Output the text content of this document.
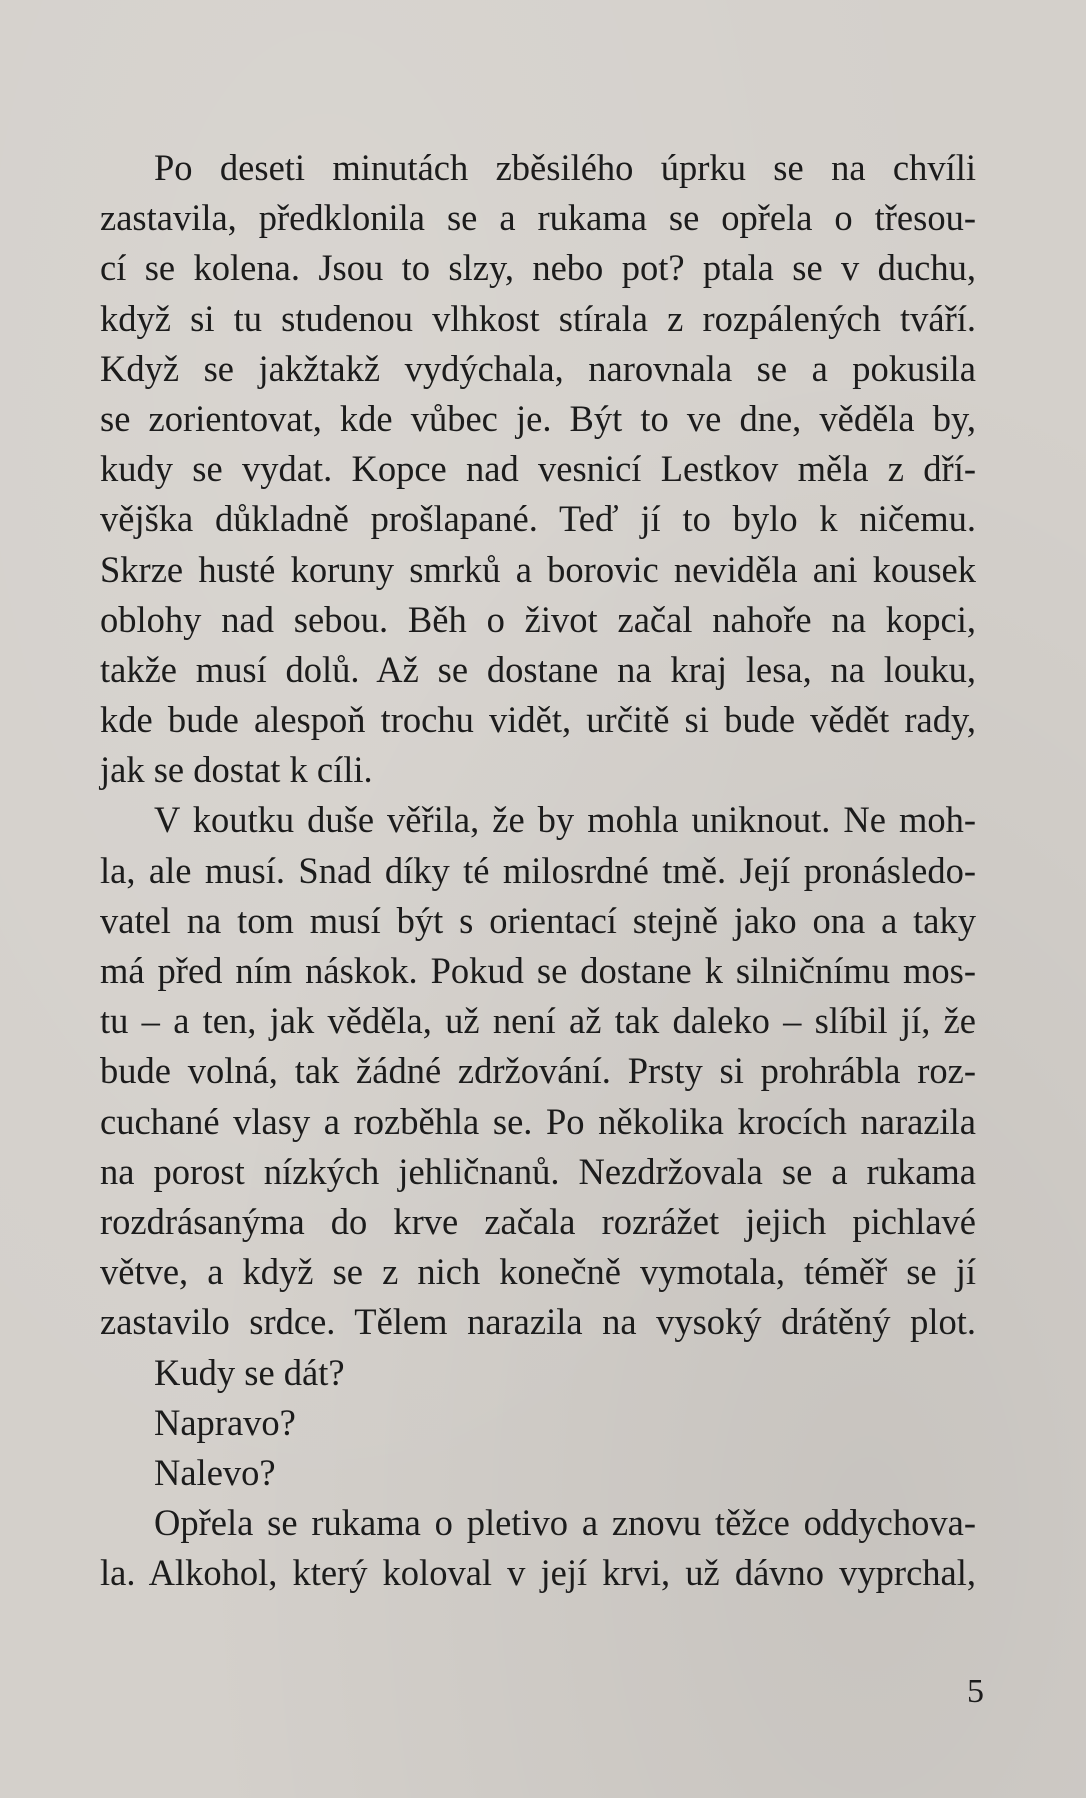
Po deseti minutách zběsilého úprku se na chvíli
zastavila, předklonila se a rukama se opřela o třesou-
cí se kolena. Jsou to slzy, nebo pot? ptala se v duchu,
když si tu studenou vlhkost stírala z rozpálených tváří.
Když se jakžtakž vydýchala, narovnala se a pokusila
se zorientovat, kde vůbec je. Být to ve dne, věděla by,
kudy se vydat. Kopce nad vesnicí Lestkov měla z dří-
vějška důkladně prošlapané. Teď jí to bylo k ničemu.
Skrze husté koruny smrků a borovic neviděla ani kousek
oblohy nad sebou. Běh o život začal nahoře na kopci,
takže musí dolů. Až se dostane na kraj lesa, na louku,
kde bude alespoň trochu vidět, určitě si bude vědět rady,
jak se dostat k cíli.
V koutku duše věřila, že by mohla uniknout. Ne moh-
la, ale musí. Snad díky té milosrdné tmě. Její pronásledo-
vatel na tom musí být s orientací stejně jako ona a taky
má před ním náskok. Pokud se dostane k silničnímu mos-
tu – a ten, jak věděla, už není až tak daleko – slíbil jí, že
bude volná, tak žádné zdržování. Prsty si prohrábla roz-
cuchané vlasy a rozběhla se. Po několika krocích narazila
na porost nízkých jehličnanů. Nezdržovala se a rukama
rozdrásanýma do krve začala rozrážet jejich pichlavé
větve, a když se z nich konečně vymotala, téměř se jí
zastavilo srdce. Tělem narazila na vysoký drátěný plot.
Kudy se dát?
Napravo?
Nalevo?
Opřela se rukama o pletivo a znovu těžce oddychova-
la. Alkohol, který koloval v její krvi, už dávno vyprchal,
5
